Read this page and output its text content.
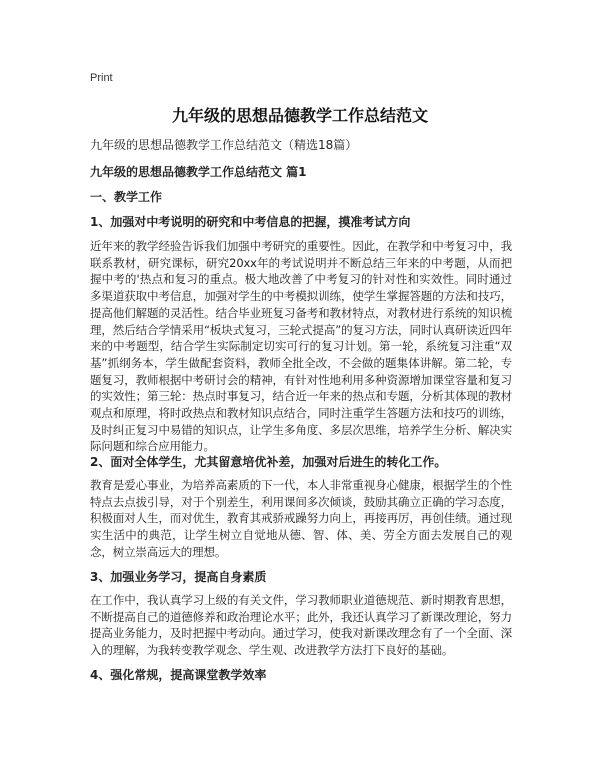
Print
九年级的思想品德教学工作总结范文
九年级的思想品德教学工作总结范文（精选18篇）
九年级的思想品德教学工作总结范文 篇1
一、教学工作
1、加强对中考说明的研究和中考信息的把握，摸准考试方向
近年来的教学经验告诉我们加强中考研究的重要性。因此，在教学和中考复习中，我联系教材，研究课标，研究20xx年的考试说明并不断总结三年来的中考题，从而把握中考的'热点和复习的重点。极大地改善了中考复习的针对性和实效性。同时通过多渠道获取中考信息，加强对学生的中考模拟训练，使学生掌握答题的方法和技巧，提高他们解题的灵活性。结合毕业班复习备考和教材特点，对教材进行系统的知识梳理，然后结合学情采用“板块式复习，三轮式提高”的复习方法，同时认真研读近四年来的中考题型，结合学生实际制定切实可行的复习计划。第一轮，系统复习注重“双基”抓纲务本，学生做配套资料，教师全批全改，不会做的题集体讲解。第二轮，专题复习，教师根据中考研讨会的精神，有针对性地利用多种资源增加课堂容量和复习的实效性；第三轮：热点时事复习，结合近一年来的热点和专题，分析其体现的教材观点和原理，将时政热点和教材知识点结合，同时注重学生答题方法和技巧的训练，及时纠正复习中易错的知识点，让学生多角度、多层次思维，培养学生分析、解决实际问题和综合应用能力。
2、面对全体学生，尤其留意培优补差，加强对后进生的转化工作。
教育是爱心事业，为培养高素质的下一代，本人非常重视身心健康，根据学生的个性特点去点拔引导，对于个别差生，利用课间多次倾谈，鼓励其确立正确的学习态度，积极面对人生，而对优生，教育其戒骄戒躁努力向上，再接再厉，再创佳绩。通过现实生活中的典范，让学生树立自觉地从德、智、体、美、劳全方面去发展自己的观念，树立崇高远大的理想。
3、加强业务学习，提高自身素质
在工作中，我认真学习上级的有关文件，学习教师职业道德规范、新时期教育思想，不断提高自己的道德修养和政治理论水平；此外，我还认真学习了新课改理论，努力提高业务能力，及时把握中考动向。通过学习，使我对新课改理念有了一个全面、深入的理解，为我转变教学观念、学生观、改进教学方法打下良好的基础。
4、强化常规，提高课堂教学效率
